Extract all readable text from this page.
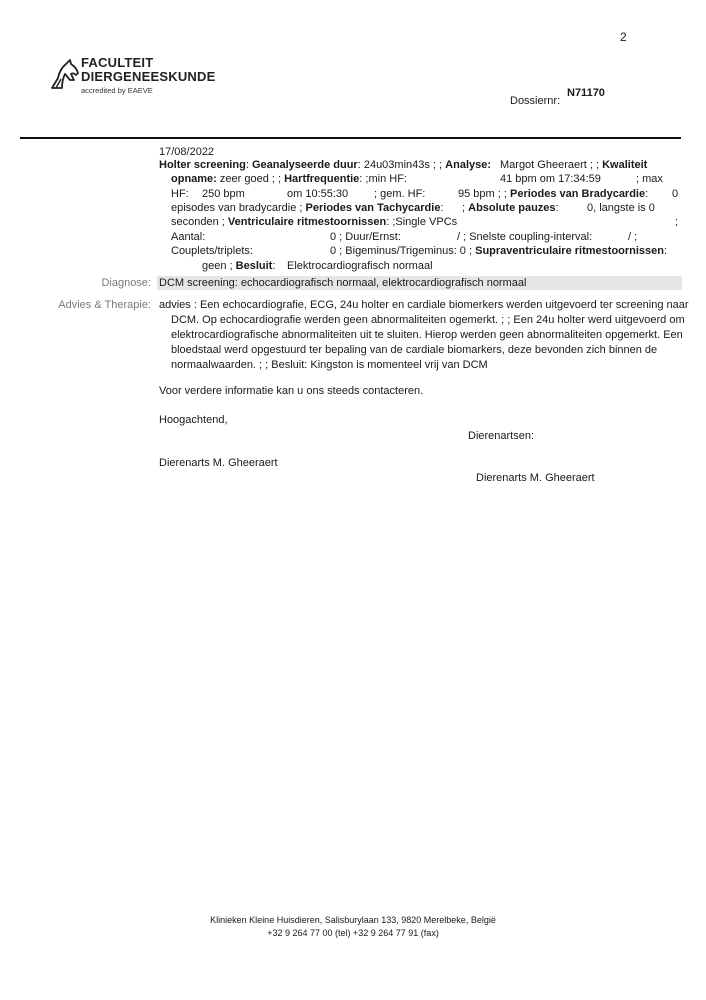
2
FACULTEIT
DIERGENEESKUNDE
accredited by EAEVE
Dossiernr:
N71170
17/08/2022
Holter screening: Geanalyseerde duur: 24u03min43s ; ; Analyse: Margot Gheeraert ; ; Kwaliteit
opname: zeer goed ; ; Hartfrequentie: ;min HF:	41 bpm om 17:34:59	; max
HF: 250 bpm	om 10:55:30 ; gem. HF:	95 bpm ; ; Periodes van Bradycardie: 0
episodes van bradycardie ; Periodes van Tachycardie: ; Absolute pauzes:	0, langste is 0
seconden ; Ventriculaire ritmestoornissen: ;Single VPCs	;
Aantal:	0 ; Duur/Ernst:	/ ; Snelste coupling-interval:	/ ;
Couplets/triplets:	0 ; Bigeminus/Trigeminus: 0 ; Supraventriculaire ritmestoornissen:
geen ; Besluit: Elektrocardiografisch normaal
Diagnose: DCM screening: echocardiografisch normaal, elektrocardiografisch normaal
Advies & Therapie: advies : Een echocardiografie, ECG, 24u holter en cardiale biomerkers werden uitgevoerd ter screening naar
DCM. Op echocardiografie werden geen abnormaliteiten ogemerkt. ; ; Een 24u holter werd uitgevoerd om
elektrocardiografische abnormaliteiten uit te sluiten. Hierop werden geen abnormaliteiten opgemerkt. Een
bloedstaal werd opgestuurd ter bepaling van de cardiale biomarkers, deze bevonden zich binnen de
normaalwaarden. ; ; Besluit: Kingston is momenteel vrij van DCM
Voor verdere informatie kan u ons steeds contacteren.
Hoogachtend,
Dierenartsen:
Dierenarts M. Gheeraert
Dierenarts M. Gheeraert
Klinieken Kleine Huisdieren, Salisburylaan 133, 9820 Merelbeke, België
+32 9 264 77 00 (tel) +32 9 264 77 91 (fax)
